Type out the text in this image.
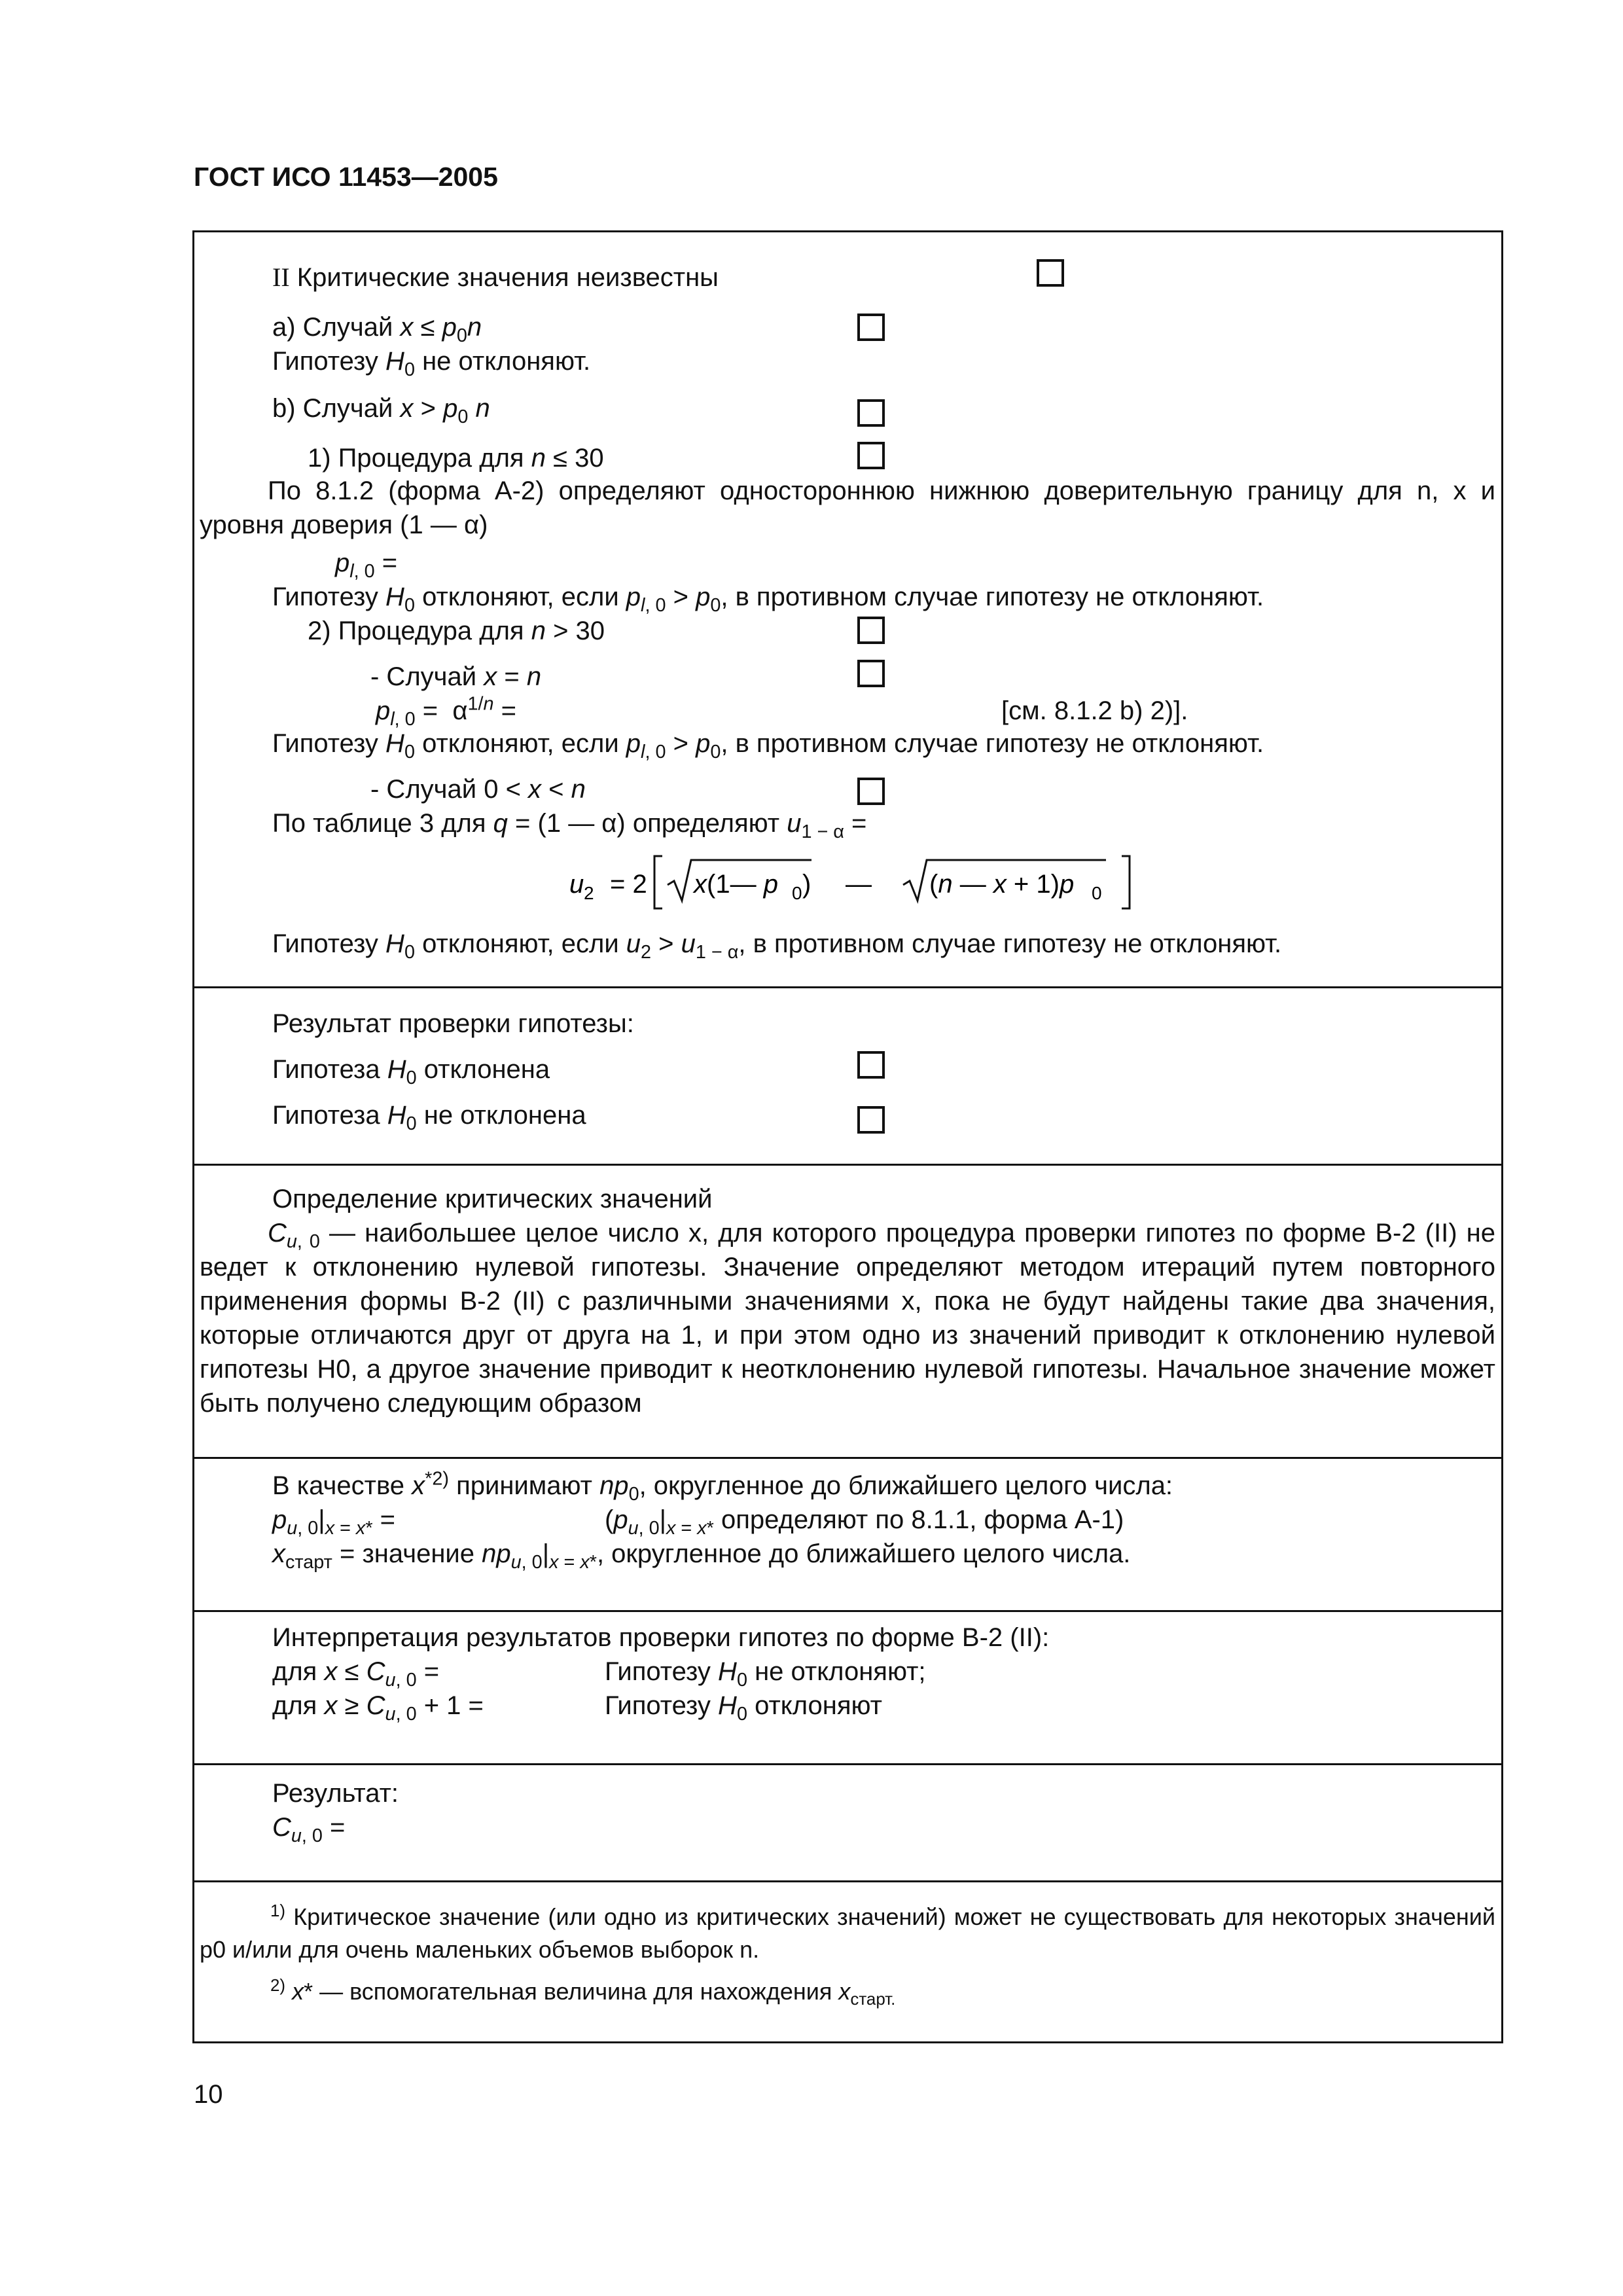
ГОСТ ИСО 11453—2005
II Критические значения неизвестны
a) Случай $x \le p_0n$
Гипотезу $H_0$ не отклоняют.
b) Случай $x > p_0$ n
1) Процедура для n ≤ 30
По 8.1.2 (форма А-2) определяют одностороннюю нижнюю доверительную границу для n, x и уровня доверия (1 — α)
$p_{l, 0}$ =
Гипотезу $H_0$ отклоняют, если $p_{l, 0} > p_0$, в противном случае гипотезу не отклоняют.
2) Процедура для n > 30
- Случай x = n
$p_{l, 0} = \alpha^{1/n}$ =	[см. 8.1.2 b) 2)].
Гипотезу $H_0$ отклоняют, если $p_{l, 0} > p_0$, в противном случае гипотезу не отклоняют.
- Случай 0 < x < n
По таблице 3 для q = (1 — α) определяют $u_{1 - \alpha}$ =
u 2 = 2 x(1— p 0 ) — (n — x + 1)p 0
Гипотезу $H_0$ отклоняют, если $u_2 > u_{1 - \alpha}$, в противном случае гипотезу не отклоняют.
Результат проверки гипотезы:
Гипотеза $H_0$ отклонена
Гипотеза $H_0$ не отклонена
Определение критических значений
$C_{u, 0}$ — наибольшее целое число x, для которого процедура проверки гипотез по форме В-2 (II) не ведет к отклонению нулевой гипотезы. Значение определяют методом итераций путем повторного применения формы В-2 (II) с различными значениями x, пока не будут найдены такие два значения, которые отличаются друг от друга на 1, и при этом одно из значений приводит к отклонению нулевой гипотезы H0, а другое значение приводит к неотклонению нулевой гипотезы. Начальное значение может быть получено следующим образом
В качестве $x^{*2)}$ принимают $np_0$, округленное до ближайшего целого числа:
$p_{u, 0}|_{x = x*}$ =	($p_{u, 0}|_{x = x*}$ определяют по 8.1.1, форма А-1)
$x_{старт}$ = значение $np_{u, 0}|_{x = x*}$, округленное до ближайшего целого числа.
Интерпретация результатов проверки гипотез по форме В-2 (II):
для $x \le C_{u, 0}$ =	Гипотезу $H_0$ не отклоняют;
для $x \ge C_{u, 0} + 1$ =	Гипотезу $H_0$ отклоняют
Результат:
$C_{u, 0}$ =
$^{1)}$ Критическое значение (или одно из критических значений) может не существовать для некоторых значений p0 и/или для очень маленьких объемов выборок n.
$^{2)}$ x* — вспомогательная величина для нахождения $x_{старт.}$
10
